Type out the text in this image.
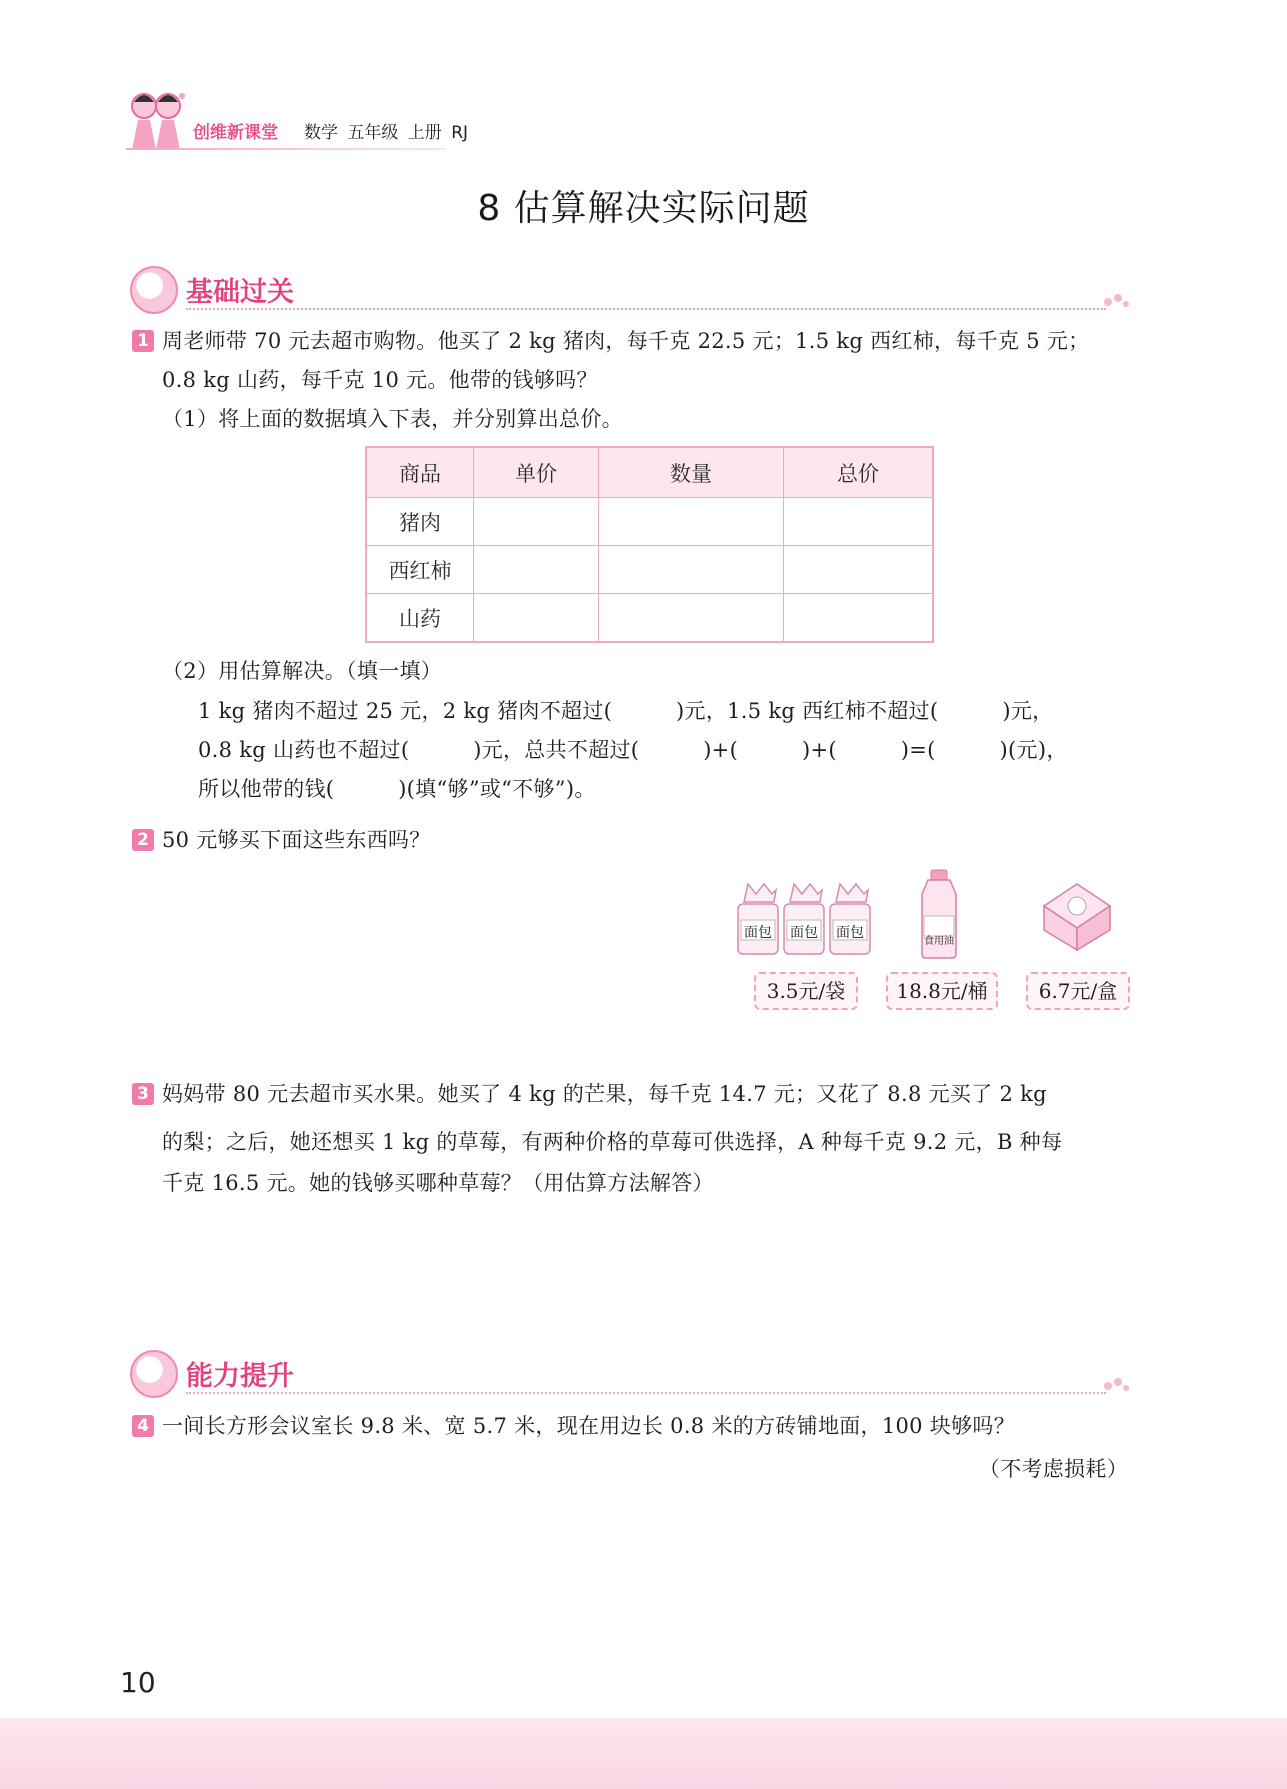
创维新课堂 数学 五年级 上册 RJ
8 估算解决实际问题
基础过关
1 周老师带 70 元去超市购物。他买了 2 kg 猪肉，每千克 22.5 元；1.5 kg 西红柿，每千克 5 元；
0.8 kg 山药，每千克 10 元。他带的钱够吗？
（1）将上面的数据填入下表，并分别算出总价。
商品	单价	数量	总价
猪肉			
西红柿			
山药			
（2）用估算解决。（填一填）
1 kg 猪肉不超过 25 元，2 kg 猪肉不超过(　　　)元，1.5 kg 西红柿不超过(　　　)元，
0.8 kg 山药也不超过(　　　)元，总共不超过(　　　)+(　　　)+(　　　)=(　　　)(元)，
所以他带的钱(　　　)(填“够”或“不够”)。
2 50 元够买下面这些东西吗？
面包 面包 面包
3.5元/袋
食用油
18.8元/桶	6.7元/盒
3 妈妈带 80 元去超市买水果。她买了 4 kg 的芒果，每千克 14.7 元；又花了 8.8 元买了 2 kg
的梨；之后，她还想买 1 kg 的草莓，有两种价格的草莓可供选择，A 种每千克 9.2 元，B 种每
千克 16.5 元。她的钱够买哪种草莓？（用估算方法解答）
能力提升
4 一间长方形会议室长 9.8 米、宽 5.7 米，现在用边长 0.8 米的方砖铺地面，100 块够吗？
（不考虑损耗）
10
